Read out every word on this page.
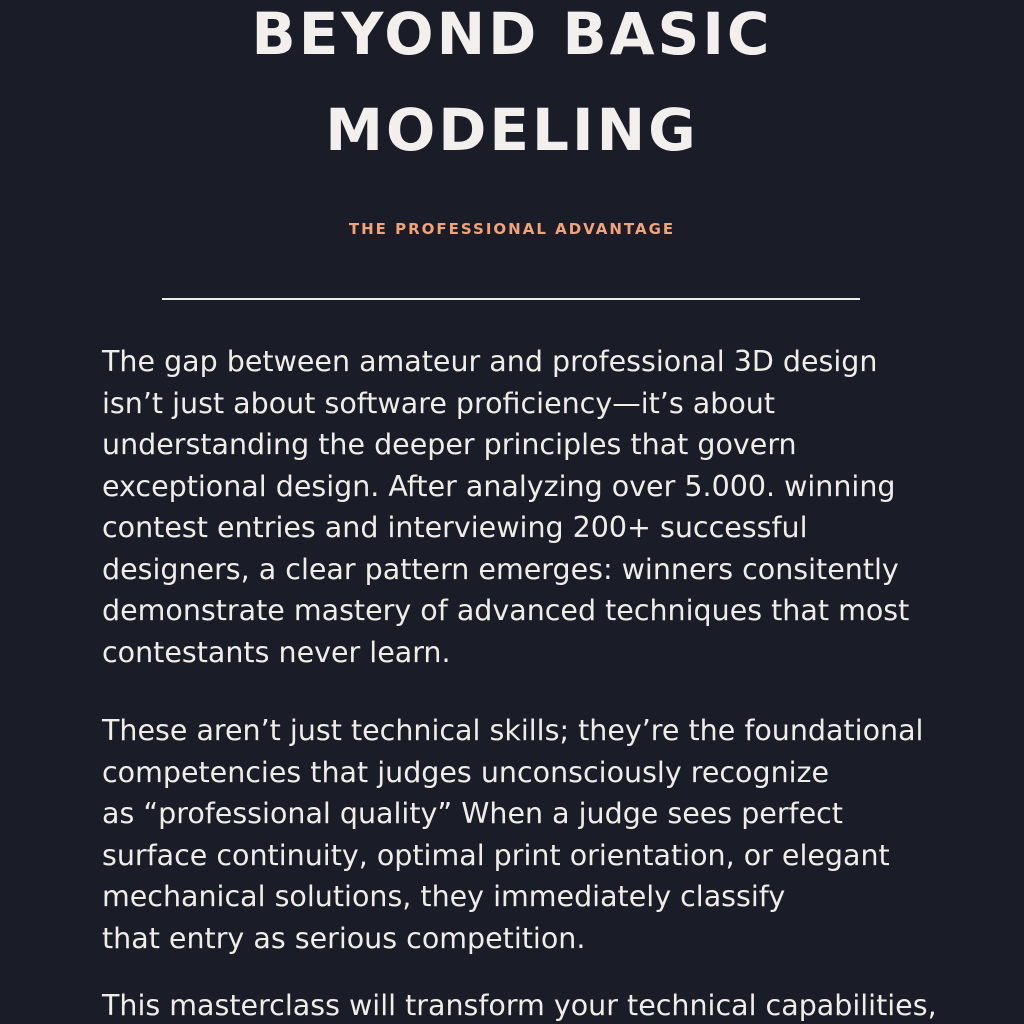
BEYOND BASIC
MODELING
THE PROFESSIONAL ADVANTAGE

The gap between amateur and professional 3D design
isn’t just about software proficiency—it’s about
understanding the deeper principles that govern
exceptional design. After analyzing over 5.000. winning
contest entries and interviewing 200+ successful
designers, a clear pattern emerges: winners consitently
demonstrate mastery of advanced techniques that most
contestants never learn.

These aren’t just technical skills; they’re the foundational
competencies that judges unconsciously recognize
as “professional quality” When a judge sees perfect
surface continuity, optimal print orientation, or elegant
mechanical solutions, they immediately classify
that entry as serious competition.

This masterclass will transform your technical capabilities,
